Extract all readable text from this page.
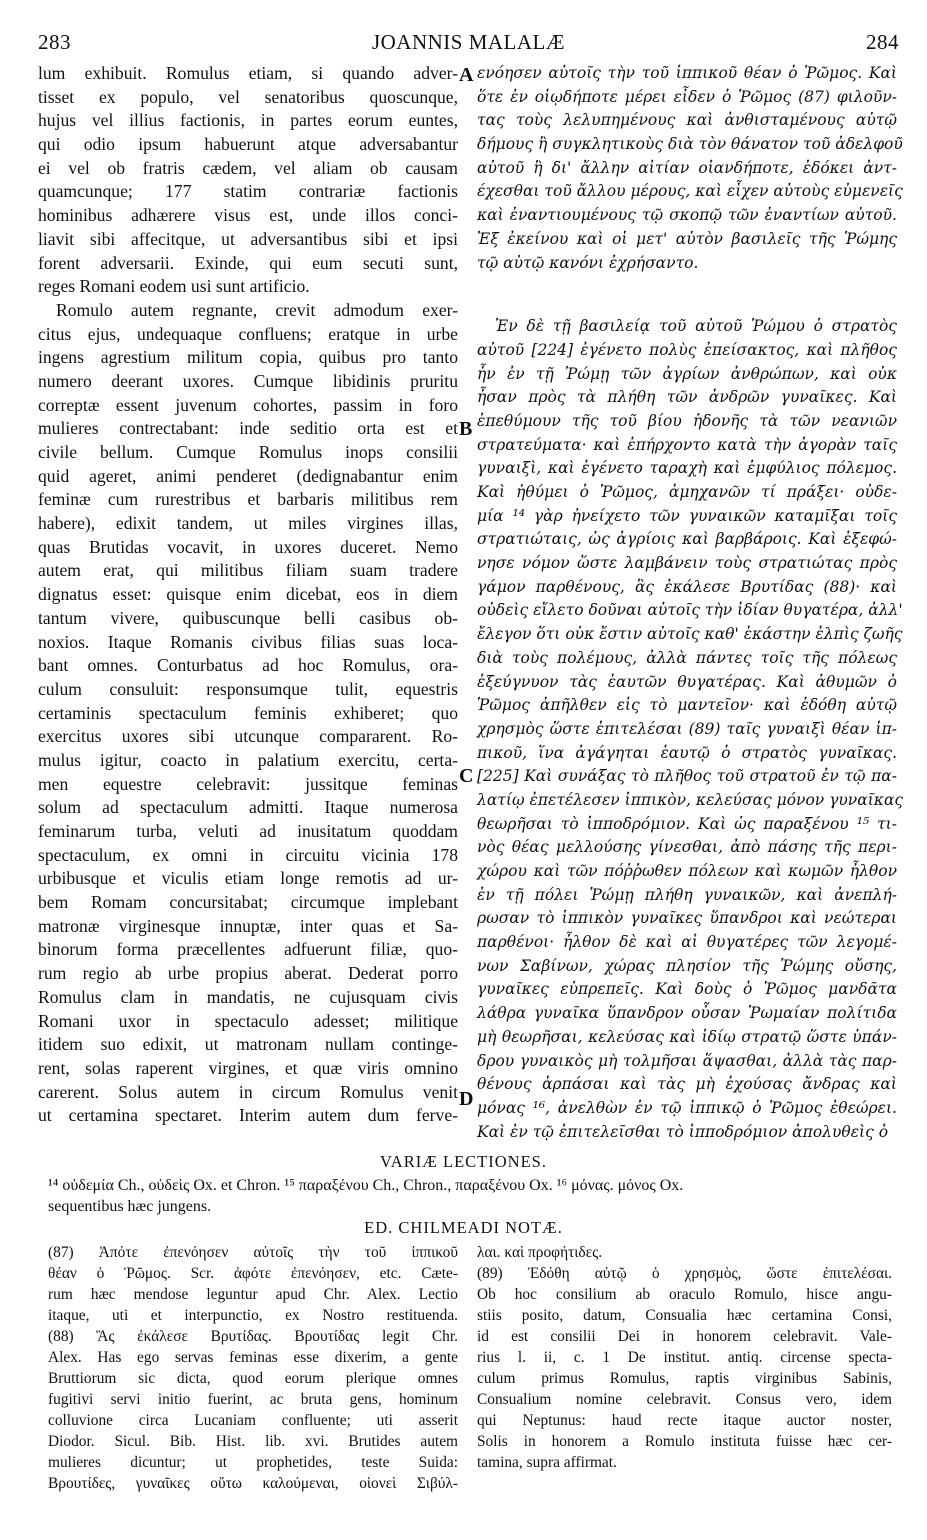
283	JOANNIS MALALÆ	284
lum exhibuit. Romulus etiam, si quando adver-
tisset ex populo, vel senatoribus quoscunque,
hujus vel illius factionis, in partes eorum euntes,
qui odio ipsum habuerunt atque adversabantur
ei vel ob fratris cædem, vel aliam ob causam
quamcunque; 177 statim contrariæ factionis
hominibus adhærere visus est, unde illos conci-
liavit sibi affecitque, ut adversantibus sibi et ipsi
forent adversarii. Exinde, qui eum secuti sunt,
reges Romani eodem usi sunt artificio.
Romulo autem regnante, crevit admodum exer-
citus ejus, undequaque confluens; eratque in urbe
ingens agrestium militum copia, quibus pro tanto
numero deerant uxores. Cumque libidinis pruritu
correptæ essent juvenum cohortes, passim in foro
mulieres contrectabant: inde seditio orta est et
civile bellum. Cumque Romulus inops consilii
quid ageret, animi penderet (dedignabantur enim
feminæ cum rurestribus et barbaris militibus rem
habere), edixit tandem, ut miles virgines illas,
quas Brutidas vocavit, in uxores duceret. Nemo
autem erat, qui militibus filiam suam tradere
dignatus esset: quisque enim dicebat, eos in diem
tantum vivere, quibuscunque belli casibus ob-
noxios. Itaque Romanis civibus filias suas loca-
bant omnes. Conturbatus ad hoc Romulus, ora-
culum consuluit: responsumque tulit, equestris
certaminis spectaculum feminis exhiberet; quo
exercitus uxores sibi utcunque compararent. Ro-
mulus igitur, coacto in palatium exercitu, certa-
men equestre celebravit: jussitque feminas
solum ad spectaculum admitti. Itaque numerosa
feminarum turba, veluti ad inusitatum quoddam
spectaculum, ex omni in circuitu vicinia 178
urbibusque et viculis etiam longe remotis ad ur-
bem Romam concursitabat; circumque implebant
matronæ virginesque innuptæ, inter quas et Sa-
binorum forma præcellentes adfuerunt filiæ, quo-
rum regio ab urbe propius aberat. Dederat porro
Romulus clam in mandatis, ne cujusquam civis
Romani uxor in spectaculo adesset; militique
itidem suo edixit, ut matronam nullam continge-
rent, solas raperent virgines, et quæ viris omnino
carerent. Solus autem in circum Romulus venit
ut certamina spectaret. Interim autem dum ferve-
ενόησεν αὐτοῖς τὴν τοῦ ἱππικοῦ θέαν ὁ Ῥῶμος. Καὶ
ὅτε ἐν οἱῳδήποτε μέρει εἶδεν ὁ Ῥῶμος (87) φιλοῦν-
τας τοὺς λελυπημένους καὶ ἀνθισταμένους αὐτῷ
δήμους ἢ συγκλητικοὺς διὰ τὸν θάνατον τοῦ ἀδελφοῦ
αὐτοῦ ἢ δι' ἄλλην αἰτίαν οἱανδήποτε, ἐδόκει ἀντ-
έχεσθαι τοῦ ἄλλου μέρους, καὶ εἶχεν αὐτοὺς εὐμενεῖς
καὶ ἐναντιουμένους τῷ σκοπῷ τῶν ἐναντίων αὐτοῦ.
Ἐξ ἐκείνου καὶ οἱ μετ' αὐτὸν βασιλεῖς τῆς Ῥώμης
τῷ αὐτῷ κανόνι ἐχρήσαντο.
Ἐν δὲ τῇ βασιλείᾳ τοῦ αὐτοῦ Ῥώμου ὁ στρατὸς
αὐτοῦ [224] ἐγένετο πολὺς ἐπείσακτος, καὶ πλῆθος
ἦν ἐν τῇ Ῥώμῃ τῶν ἀγρίων ἀνθρώπων, καὶ οὐκ
ἦσαν πρὸς τὰ πλήθη τῶν ἀνδρῶν γυναῖκες. Καὶ
ἐπεθύμουν τῆς τοῦ βίου ἡδονῆς τὰ τῶν νεανιῶν
στρατεύματα· καὶ ἐπήρχοντο κατὰ τὴν ἀγορὰν ταῖς
γυναιξὶ, καὶ ἐγένετο ταραχὴ καὶ ἐμφύλιος πόλεμος.
Καὶ ἠθύμει ὁ Ῥῶμος, ἀμηχανῶν τί πράξει· οὐδε-
μία ¹⁴ γὰρ ἠνείχετο τῶν γυναικῶν καταμῖξαι τοῖς
στρατιώταις, ὡς ἀγρίοις καὶ βαρβάροις. Καὶ ἐξεφώ-
νησε νόμον ὥστε λαμβάνειν τοὺς στρατιώτας πρὸς
γάμον παρθένους, ἃς ἐκάλεσε Βρυτίδας (88)· καὶ
οὐδεὶς εἴλετο δοῦναι αὐτοῖς τὴν ἰδίαν θυγατέρα, ἀλλ'
ἔλεγον ὅτι οὐκ ἔστιν αὐτοῖς καθ' ἑκάστην ἐλπὶς ζωῆς
διὰ τοὺς πολέμους, ἀλλὰ πάντες τοῖς τῆς πόλεως
ἐξεύγνυον τὰς ἑαυτῶν θυγατέρας. Καὶ ἀθυμῶν ὁ
Ῥῶμος ἀπῆλθεν εἰς τὸ μαντεῖον· καὶ ἐδόθη αὐτῷ
χρησμὸς ὥστε ἐπιτελέσαι (89) ταῖς γυναιξὶ θέαν ἱπ-
πικοῦ, ἵνα ἀγάγηται ἑαυτῷ ὁ στρατὸς γυναῖκας.
[225] Καὶ συνάξας τὸ πλῆθος τοῦ στρατοῦ ἐν τῷ πα-
λατίῳ ἐπετέλεσεν ἱππικὸν, κελεύσας μόνον γυναῖκας
θεωρῆσαι τὸ ἱπποδρόμιον. Καὶ ὡς παραξένου ¹⁵ τι-
νὸς θέας μελλούσης γίνεσθαι, ἀπὸ πάσης τῆς περι-
χώρου καὶ τῶν πόῤῥωθεν πόλεων καὶ κωμῶν ἦλθον
ἐν τῇ πόλει Ῥώμῃ πλήθη γυναικῶν, καὶ ἀνεπλή-
ρωσαν τὸ ἱππικὸν γυναῖκες ὕπανδροι καὶ νεώτεραι
παρθένοι· ἦλθον δὲ καὶ αἱ θυγατέρες τῶν λεγομέ-
νων Σαβίνων, χώρας πλησίον τῆς Ῥώμης οὔσης,
γυναῖκες εὐπρεπεῖς. Καὶ δοὺς ὁ Ῥῶμος μανδᾶτα
λάθρα γυναῖκα ὕπανδρον οὖσαν Ῥωμαίαν πολίτιδα
μὴ θεωρῆσαι, κελεύσας καὶ ἰδίῳ στρατῷ ὥστε ὑπάν-
δρου γυναικὸς μὴ τολμῆσαι ἅψασθαι, ἀλλὰ τὰς παρ-
θένους ἁρπάσαι καὶ τὰς μὴ ἐχούσας ἄνδρας καὶ
μόνας ¹⁶, ἀνελθὼν ἐν τῷ ἱππικῷ ὁ Ῥῶμος ἐθεώρει.
Καὶ ἐν τῷ ἐπιτελεῖσθαι τὸ ἱπποδρόμιον ἀπολυθεὶς ὁ
A
B
C
D
VARIÆ LECTIONES.
¹⁴ οὐδεμία Ch., οὐδεὶς Ox. et Chron. ¹⁵ παραξένου Ch., Chron., παραξένου Ox. ¹⁶ μόνας. μόνος Ox.
sequentibus hæc jungens.
ED. CHILMEADI NOTÆ.
(87) Ἀπότε ἐπενόησεν αὐτοῖς τὴν τοῦ ἱππικοῦ
θέαν ὁ Ῥῶμος. Scr. ἀφότε ἐπενόησεν, etc. Cæte-
rum hæc mendose leguntur apud Chr. Alex. Lectio
itaque, uti et interpunctio, ex Nostro restituenda.
(88) Ἃς ἐκάλεσε Βρυτίδας. Βρουτίδας legit Chr.
Alex. Has ego servas feminas esse dixerim, a gente
Bruttiorum sic dicta, quod eorum plerique omnes
fugitivi servi initio fuerint, ac bruta gens, hominum
colluvione circa Lucaniam confluente; uti asserit
Diodor. Sicul. Bib. Hist. lib. xvi. Brutides autem
mulieres dicuntur; ut prophetides, teste Suida:
Βρουτίδες, γυναῖκες οὕτω καλούμεναι, οἱονεὶ Σιβύλ-
λαι. καὶ προφήτιδες.
(89) Ἐδόθη αὐτῷ ὁ χρησμὸς, ὥστε ἐπιτελέσαι.
Ob hoc consilium ab oraculo Romulo, hisce angu-
stiis posito, datum, Consualia hæc certamina Consi,
id est consilii Dei in honorem celebravit. Vale-
rius l. ii, c. 1 De institut. antiq. circense specta-
culum primus Romulus, raptis virginibus Sabinis,
Consualium nomine celebravit. Consus vero, idem
qui Neptunus: haud recte itaque auctor noster,
Solis in honorem a Romulo instituta fuisse hæc cer-
tamina, supra affirmat.
